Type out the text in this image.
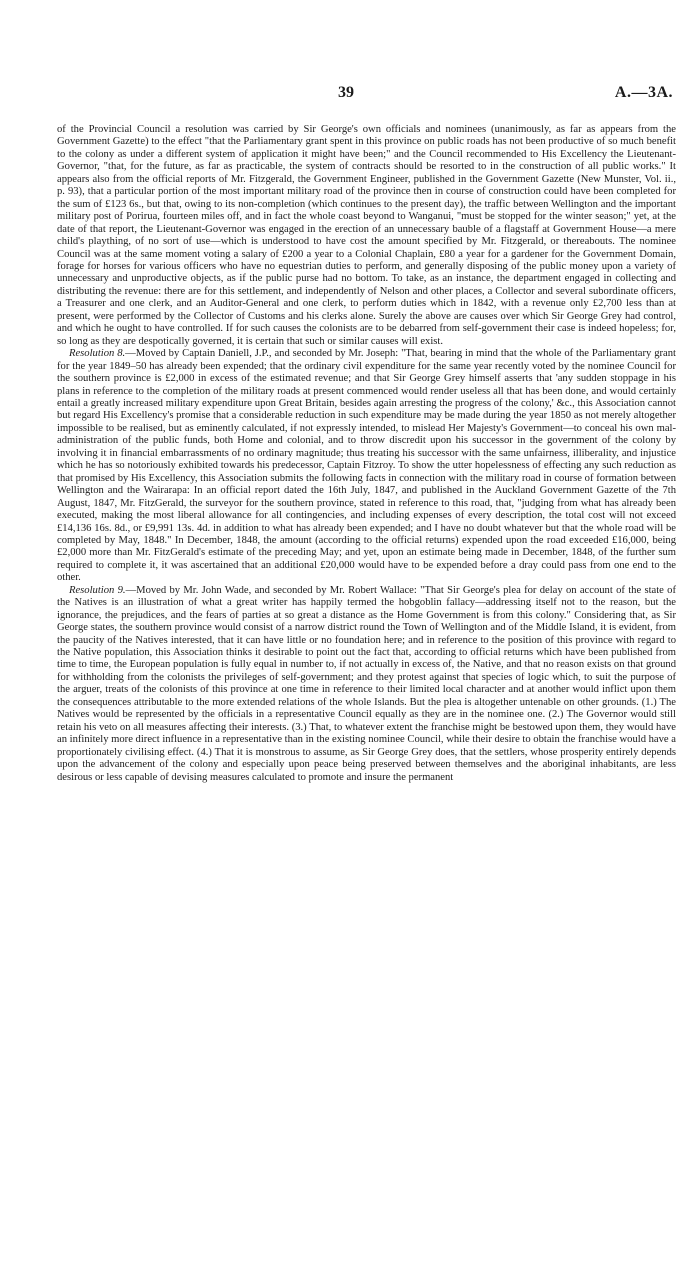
39	A.—3A.

of the Provincial Council a resolution was carried by Sir George's own officials and nominees (unanimously, as far as appears from the Government Gazette) to the effect "that the Parliamentary grant spent in this province on public roads has not been productive of so much benefit to the colony as under a different system of application it might have been;" and the Council recommended to His Excellency the Lieutenant-Governor, "that, for the future, as far as practicable, the system of contracts should be resorted to in the construction of all public works." It appears also from the official reports of Mr. Fitzgerald, the Government Engineer, published in the Government Gazette (New Munster, Vol. ii., p. 93), that a particular portion of the most important military road of the province then in course of construction could have been completed for the sum of £123 6s., but that, owing to its non-completion (which continues to the present day), the traffic between Wellington and the important military post of Porirua, fourteen miles off, and in fact the whole coast beyond to Wanganui, "must be stopped for the winter season;" yet, at the date of that report, the Lieutenant-Governor was engaged in the erection of an unnecessary bauble of a flagstaff at Government House—a mere child's plaything, of no sort of use—which is understood to have cost the amount specified by Mr. Fitzgerald, or thereabouts. The nominee Council was at the same moment voting a salary of £200 a year to a Colonial Chaplain, £80 a year for a gardener for the Government Domain, forage for horses for various officers who have no equestrian duties to perform, and generally disposing of the public money upon a variety of unnecessary and unproductive objects, as if the public purse had no bottom. To take, as an instance, the department engaged in collecting and distributing the revenue: there are for this settlement, and independently of Nelson and other places, a Collector and several subordinate officers, a Treasurer and one clerk, and an Auditor-General and one clerk, to perform duties which in 1842, with a revenue only £2,700 less than at present, were performed by the Collector of Customs and his clerks alone. Surely the above are causes over which Sir George Grey had control, and which he ought to have controlled. If for such causes the colonists are to be debarred from self-government their case is indeed hopeless; for, so long as they are despotically governed, it is certain that such or similar causes will exist.

Resolution 8.—Moved by Captain Daniell, J.P., and seconded by Mr. Joseph: "That, bearing in mind that the whole of the Parliamentary grant for the year 1849–50 has already been expended; that the ordinary civil expenditure for the same year recently voted by the nominee Council for the southern province is £2,000 in excess of the estimated revenue; and that Sir George Grey himself asserts that 'any sudden stoppage in his plans in reference to the completion of the military roads at present commenced would render useless all that has been done, and would certainly entail a greatly increased military expenditure upon Great Britain, besides again arresting the progress of the colony,' &c., this Association cannot but regard His Excellency's promise that a considerable reduction in such expenditure may be made during the year 1850 as not merely altogether impossible to be realised, but as eminently calculated, if not expressly intended, to mislead Her Majesty's Government—to conceal his own mal-administration of the public funds, both Home and colonial, and to throw discredit upon his successor in the government of the colony by involving it in financial embarrassments of no ordinary magnitude; thus treating his successor with the same unfairness, illiberality, and injustice which he has so notoriously exhibited towards his predecessor, Captain Fitzroy. To show the utter hopelessness of effecting any such reduction as that promised by His Excellency, this Association submits the following facts in connection with the military road in course of formation between Wellington and the Wairarapa: In an official report dated the 16th July, 1847, and published in the Auckland Government Gazette of the 7th August, 1847, Mr. FitzGerald, the surveyor for the southern province, stated in reference to this road, that, "judging from what has already been executed, making the most liberal allowance for all contingencies, and including expenses of every description, the total cost will not exceed £14,136 16s. 8d., or £9,991 13s. 4d. in addition to what has already been expended; and I have no doubt whatever but that the whole road will be completed by May, 1848." In December, 1848, the amount (according to the official returns) expended upon the road exceeded £16,000, being £2,000 more than Mr. FitzGerald's estimate of the preceding May; and yet, upon an estimate being made in December, 1848, of the further sum required to complete it, it was ascertained that an additional £20,000 would have to be expended before a dray could pass from one end to the other.

Resolution 9.—Moved by Mr. John Wade, and seconded by Mr. Robert Wallace: "That Sir George's plea for delay on account of the state of the Natives is an illustration of what a great writer has happily termed the hobgoblin fallacy—addressing itself not to the reason, but the ignorance, the prejudices, and the fears of parties at so great a distance as the Home Government is from this colony." Considering that, as Sir George states, the southern province would consist of a narrow district round the Town of Wellington and of the Middle Island, it is evident, from the paucity of the Natives interested, that it can have little or no foundation here; and in reference to the position of this province with regard to the Native population, this Association thinks it desirable to point out the fact that, according to official returns which have been published from time to time, the European population is fully equal in number to, if not actually in excess of, the Native, and that no reason exists on that ground for withholding from the colonists the privileges of self-government; and they protest against that species of logic which, to suit the purpose of the arguer, treats of the colonists of this province at one time in reference to their limited local character and at another would inflict upon them the consequences attributable to the more extended relations of the whole Islands. But the plea is altogether untenable on other grounds. (1.) The Natives would be represented by the officials in a representative Council equally as they are in the nominee one. (2.) The Governor would still retain his veto on all measures affecting their interests. (3.) That, to whatever extent the franchise might be bestowed upon them, they would have an infinitely more direct influence in a representative than in the existing nominee Council, while their desire to obtain the franchise would have a proportionately civilising effect. (4.) That it is monstrous to assume, as Sir George Grey does, that the settlers, whose prosperity entirely depends upon the advancement of the colony and especially upon peace being preserved between themselves and the aboriginal inhabitants, are less desirous or less capable of devising measures calculated to promote and insure the permanent
